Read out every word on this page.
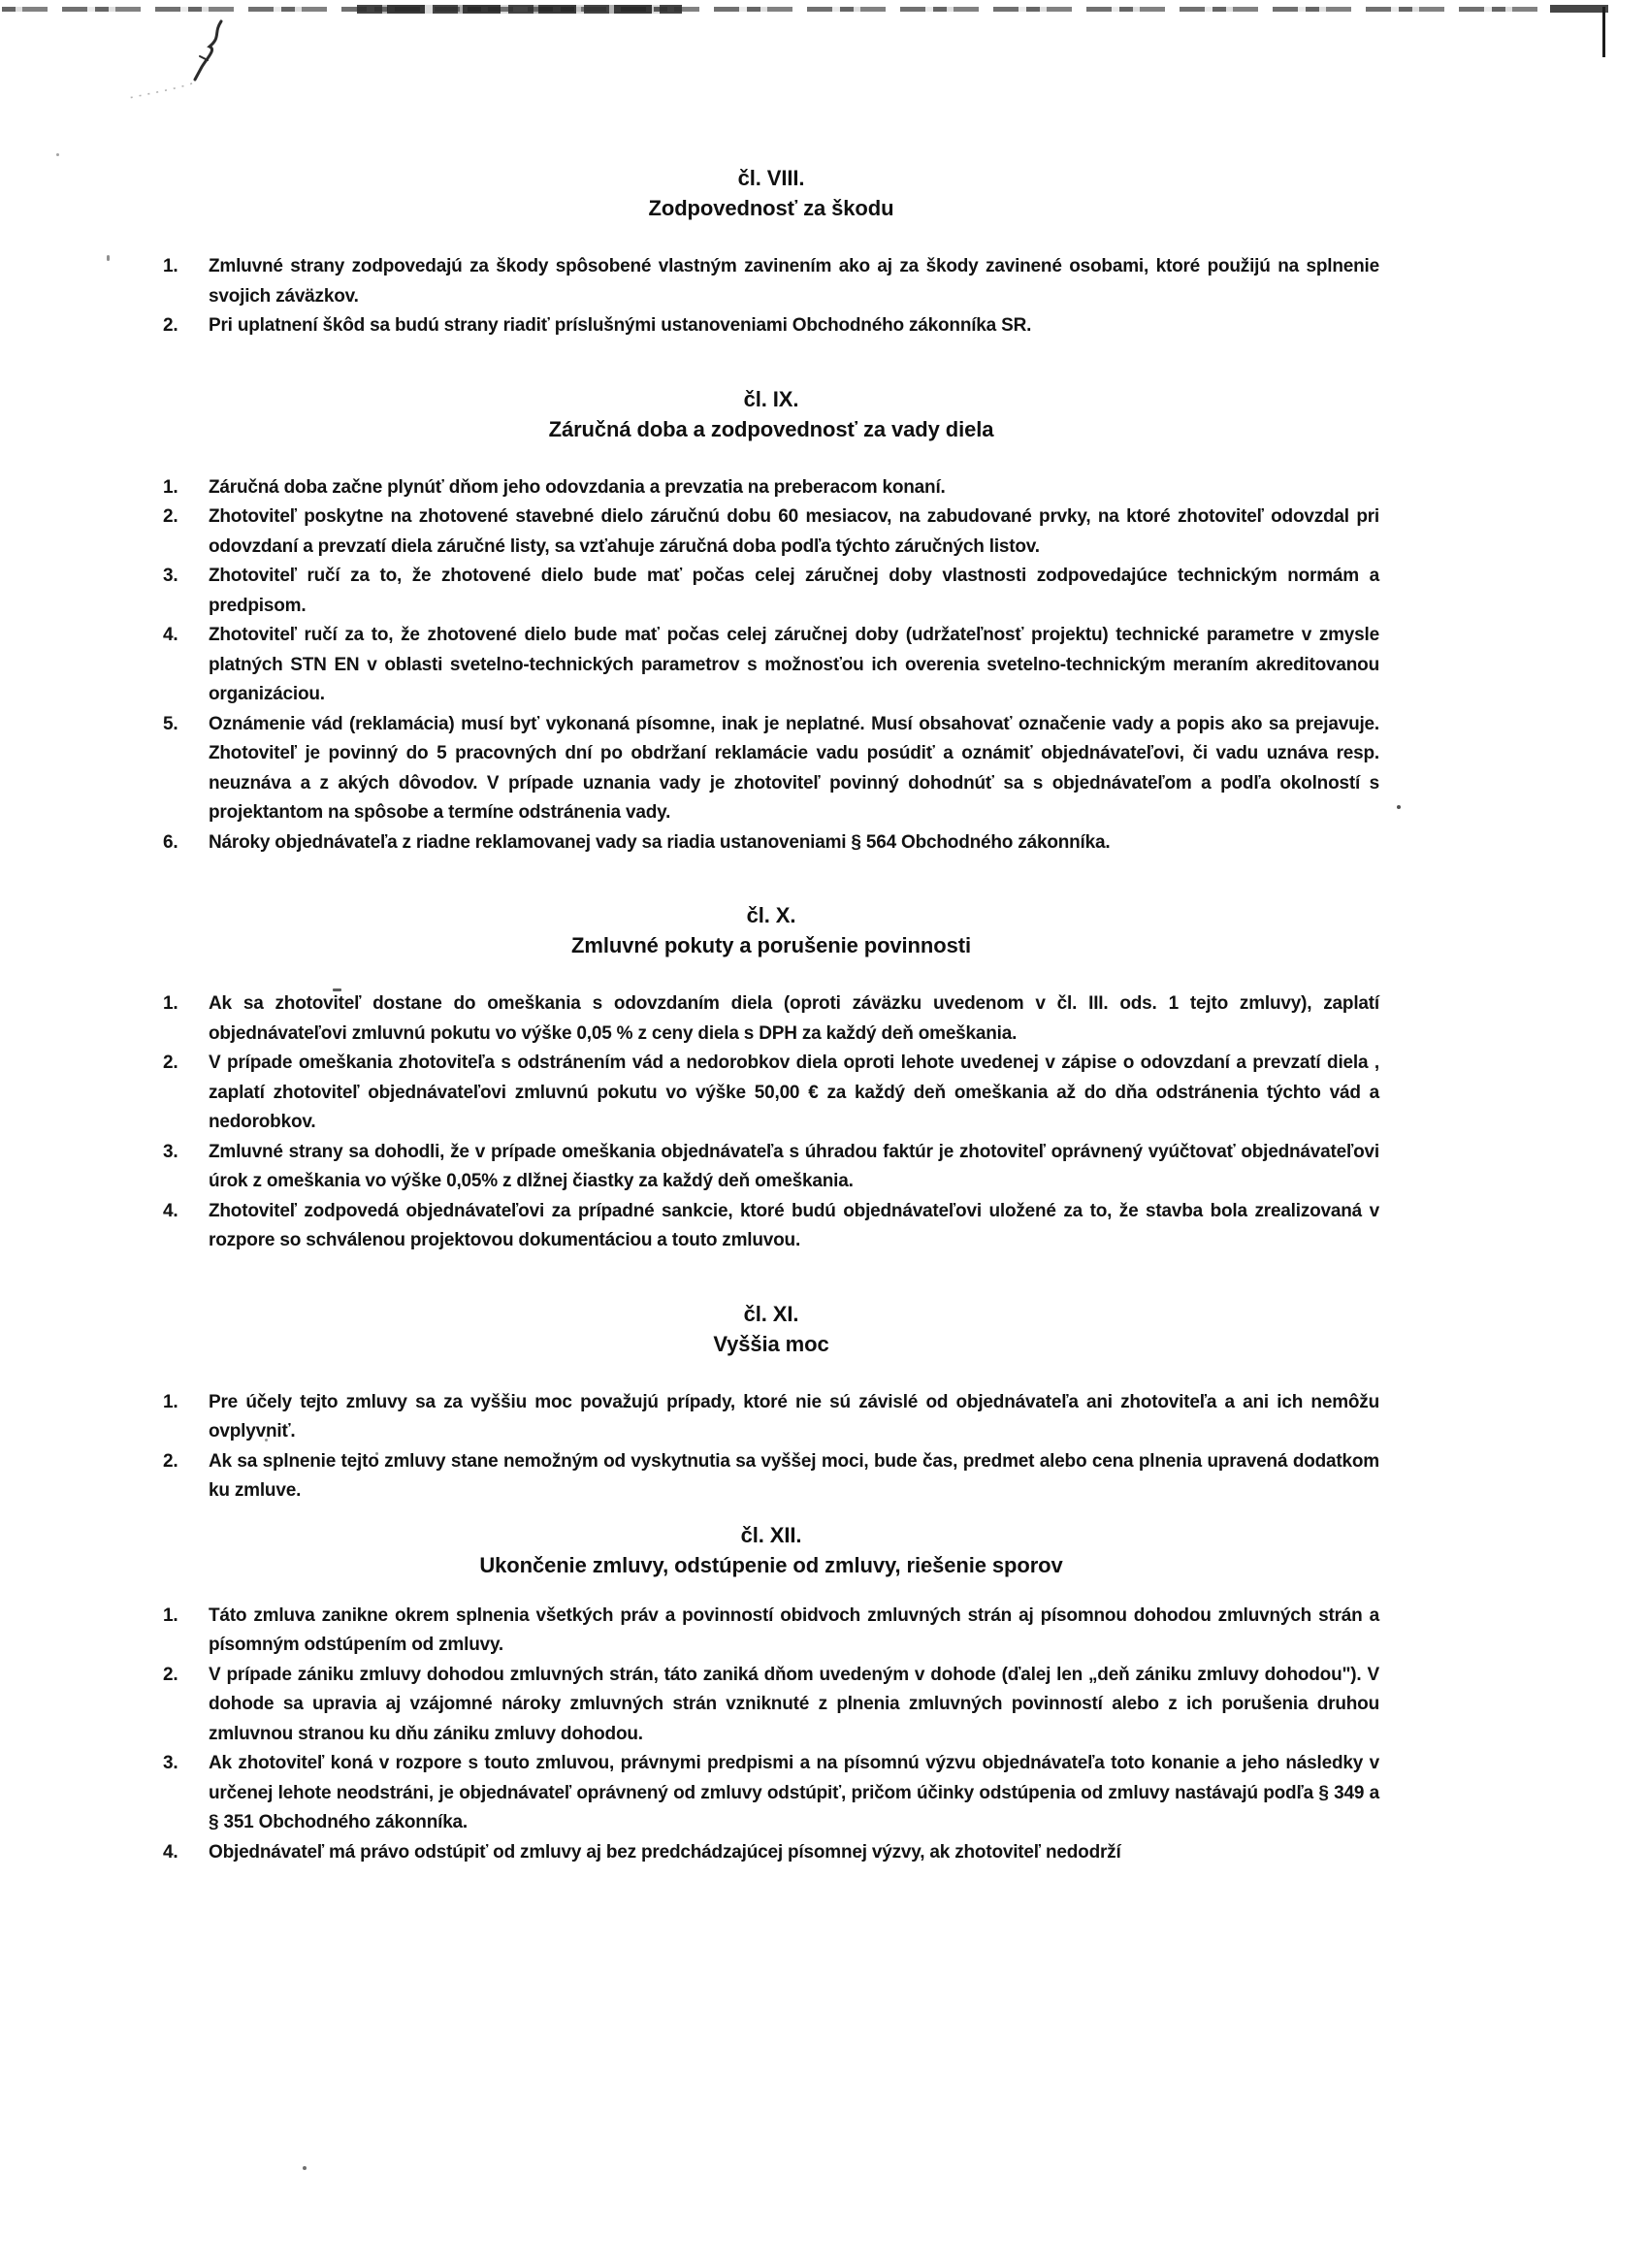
čl. VIII.
Zodpovednosť za škodu
1.	Zmluvné strany zodpovedajú za škody spôsobené vlastným zavinením ako aj za škody zavinené osobami, ktoré použijú na splnenie svojich záväzkov.
2.	Pri uplatnení škôd sa budú strany riadiť príslušnými ustanoveniami Obchodného zákonníka SR.
čl. IX.
Záručná doba a zodpovednosť za vady diela
1.	Záručná doba začne plynúť dňom jeho odovzdania a prevzatia na preberacom konaní.
2.	Zhotoviteľ poskytne na zhotovené stavebné dielo záručnú dobu 60 mesiacov, na zabudované prvky, na ktoré zhotoviteľ odovzdal pri odovzdaní a prevzatí diela záručné listy, sa vzťahuje záručná doba podľa týchto záručných listov.
3.	Zhotoviteľ ručí za to, že zhotovené dielo bude mať počas celej záručnej doby vlastnosti zodpovedajúce technickým normám a predpisom.
4.	Zhotoviteľ ručí za to, že zhotovené dielo bude mať počas celej záručnej doby (udržateľnosť projektu) technické parametre v zmysle platných STN EN v oblasti svetelno-technických parametrov s možnosťou ich overenia svetelno-technickým meraním akreditovanou organizáciou.
5.	Oznámenie vád (reklamácia) musí byť vykonaná písomne, inak je neplatné. Musí obsahovať označenie vady a popis ako sa prejavuje. Zhotoviteľ je povinný do 5 pracovných dní po obdržaní reklamácie vadu posúdiť a oznámiť objednávateľovi, či vadu uznáva resp. neuznáva a z akých dôvodov. V prípade uznania vady je zhotoviteľ povinný dohodnúť sa s objednávateľom a podľa okolností s projektantom na spôsobe a termíne odstránenia vady.
6.	Nároky objednávateľa z riadne reklamovanej vady sa riadia ustanoveniami § 564 Obchodného zákonníka.
čl. X.
Zmluvné pokuty a porušenie povinnosti
1.	Ak sa zhotoviteľ dostane do omeškania s odovzdaním diela (oproti záväzku uvedenom v čl. III. ods. 1 tejto zmluvy), zaplatí objednávateľovi zmluvnú pokutu vo výške 0,05 % z ceny diela s DPH za každý deň omeškania.
2.	V prípade omeškania zhotoviteľa s odstránením vád a nedorobkov diela oproti lehote uvedenej v zápise o odovzdaní a prevzatí diela , zaplatí zhotoviteľ objednávateľovi zmluvnú pokutu vo výške 50,00 € za každý deň omeškania až do dňa odstránenia týchto vád a nedorobkov.
3.	Zmluvné strany sa dohodli, že v prípade omeškania objednávateľa s úhradou faktúr je zhotoviteľ oprávnený vyúčtovať objednávateľovi úrok z omeškania vo výške 0,05% z dlžnej čiastky za každý deň omeškania.
4.	Zhotoviteľ zodpovedá objednávateľovi za prípadné sankcie, ktoré budú objednávateľovi uložené za to, že stavba bola zrealizovaná v rozpore so schválenou projektovou dokumentáciou a touto zmluvou.
čl. XI.
Vyššia moc
1.	Pre účely tejto zmluvy sa za vyššiu moc považujú prípady, ktoré nie sú závislé od objednávateľa ani zhotoviteľa a ani ich nemôžu ovplyvniť.
2.	Ak sa splnenie tejto zmluvy stane nemožným od vyskytnutia sa vyššej moci, bude čas, predmet alebo cena plnenia upravená dodatkom ku zmluve.
čl. XII.
Ukončenie zmluvy, odstúpenie od zmluvy, riešenie sporov
1.	Táto zmluva zanikne okrem splnenia všetkých práv a povinností obidvoch zmluvných strán aj písomnou dohodou zmluvných strán a písomným odstúpením od zmluvy.
2.	V prípade zániku zmluvy dohodou zmluvných strán, táto zaniká dňom uvedeným v dohode (ďalej len „deň zániku zmluvy dohodou"). V dohode sa upravia aj vzájomné nároky zmluvných strán vzniknuté z plnenia zmluvných povinností alebo z ich porušenia druhou zmluvnou stranou ku dňu zániku zmluvy dohodou.
3.	Ak zhotoviteľ koná v rozpore s touto zmluvou, právnymi predpismi a na písomnú výzvu objednávateľa toto konanie a jeho následky v určenej lehote neodstráni, je objednávateľ oprávnený od zmluvy odstúpiť, pričom účinky odstúpenia od zmluvy nastávajú podľa § 349 a § 351 Obchodného zákonníka.
4.	Objednávateľ má právo odstúpiť od zmluvy aj bez predchádzajúcej písomnej výzvy, ak zhotoviteľ nedodrží
